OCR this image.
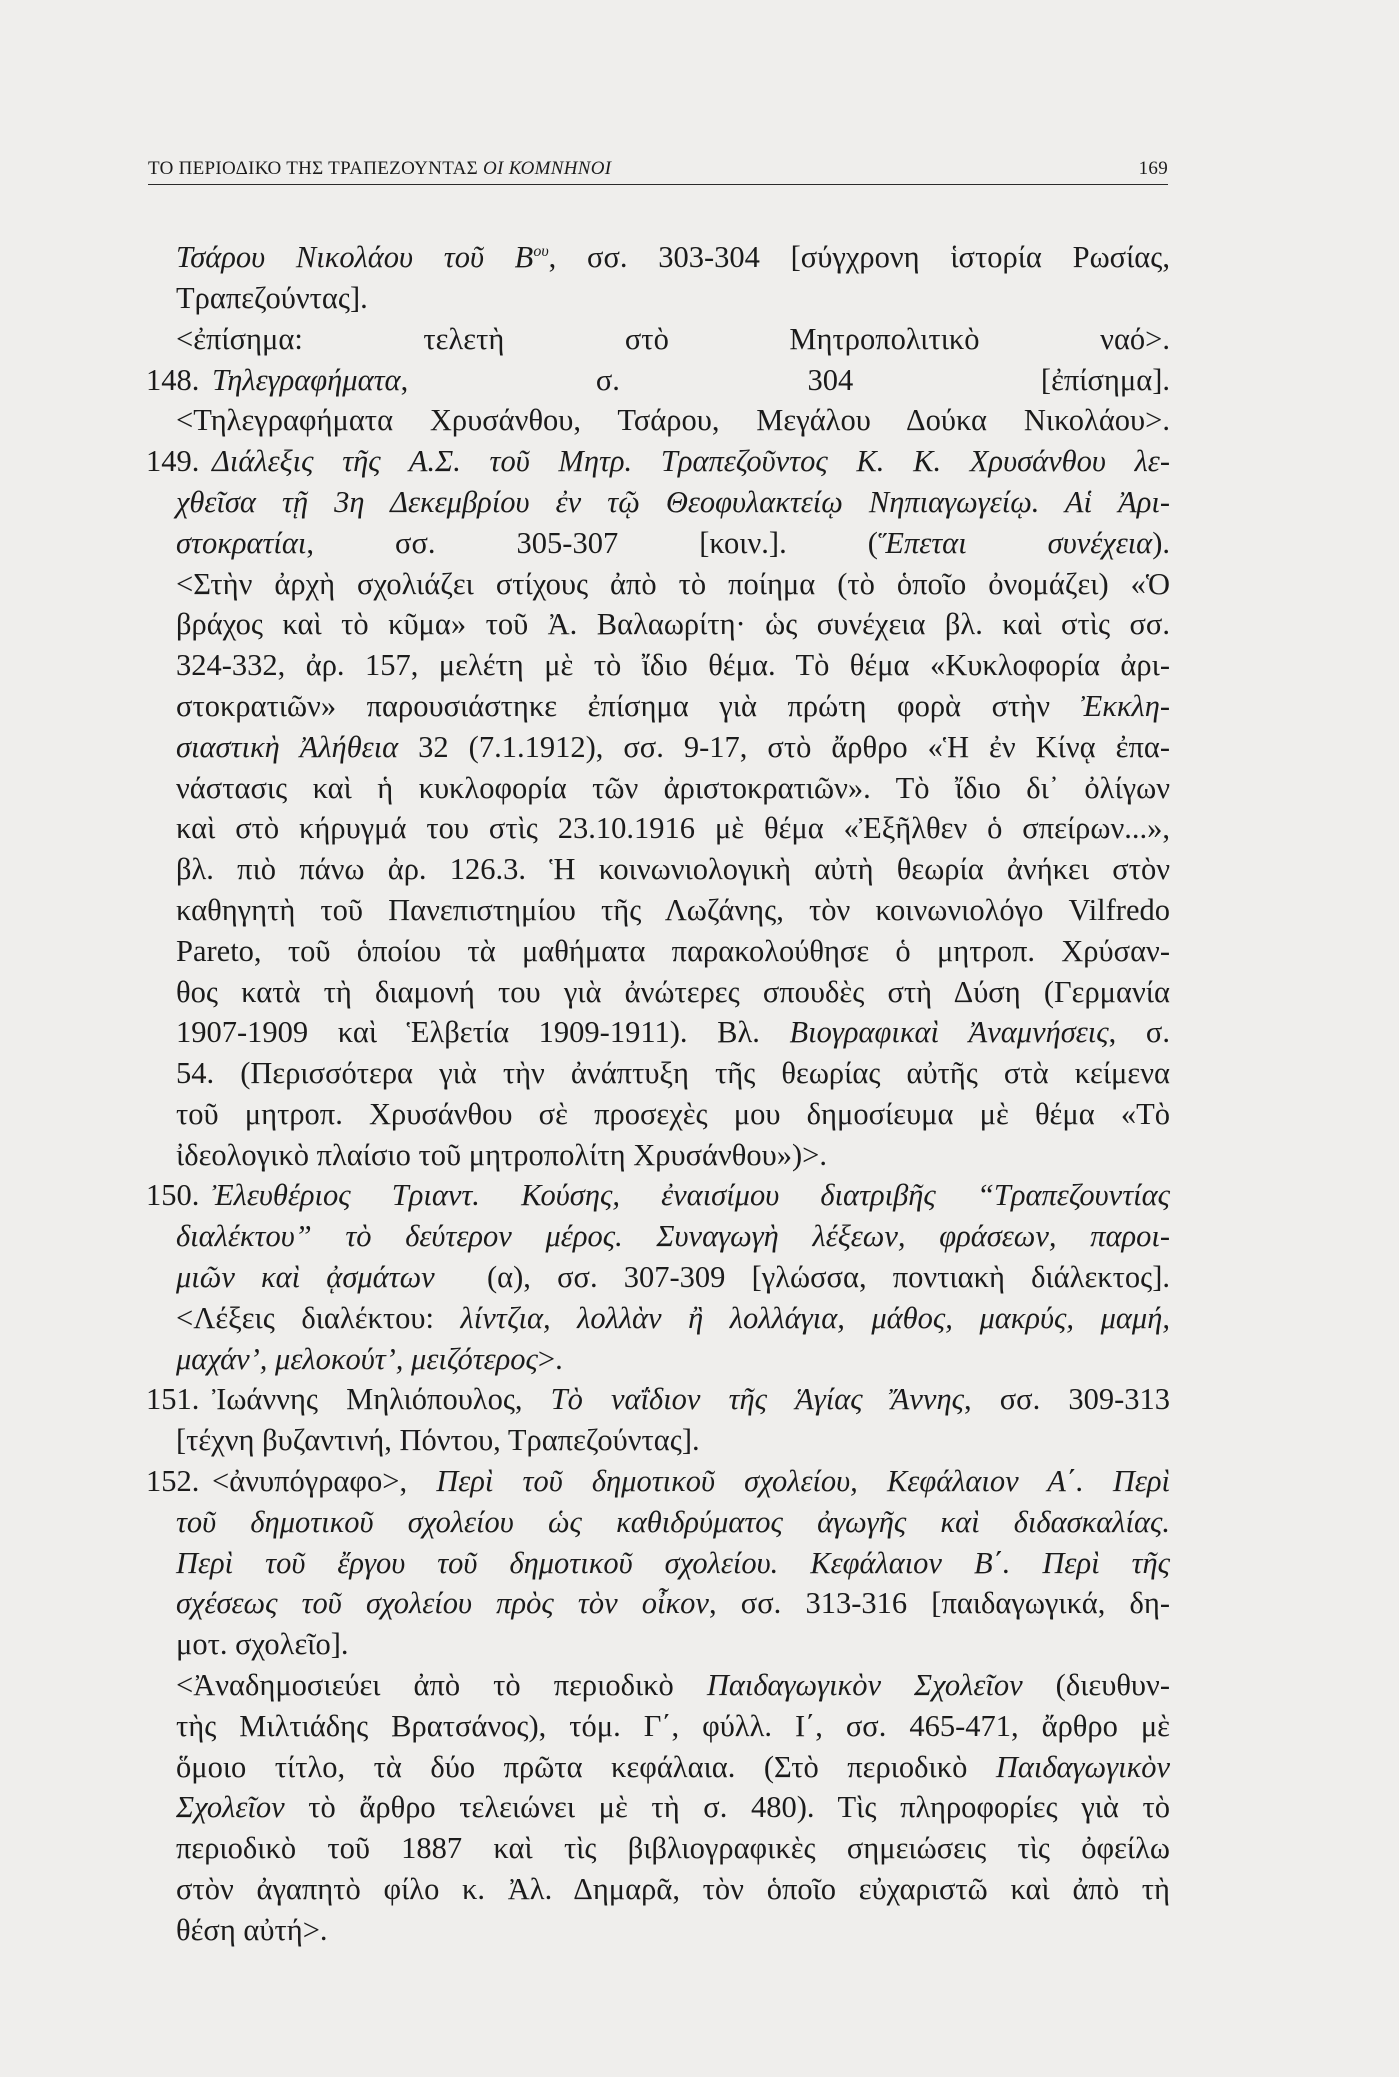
ΤΟ ΠΕΡΙΟΔΙΚΟ ΤΗΣ ΤΡΑΠΕΖΟΥΝΤΑΣ ΟΙ ΚΟΜΝΗΝΟΙ	169
Τσάρου Νικολάου τοῦ $B^{o\upsilon}$, σσ. 303-304 [σύγχρονη ἱστορία Ρωσίας,
Τραπεζούντας].
<ἐπίσημα: τελετὴ στὸ Μητροπολιτικὸ ναό>.
148. Τηλεγραφήματα, σ. 304 [ἐπίσημα].
<Τηλεγραφήματα Χρυσάνθου, Τσάρου, Μεγάλου Δούκα Νικολάου>.
149. Διάλεξις τῆς Α.Σ. τοῦ Μητρ. Τραπεζοῦντος Κ. Κ. Χρυσάνθου λε-
χθεῖσα τῇ 3η Δεκεμβρίου ἐν τῷ Θεοφυλακτείῳ Νηπιαγωγείῳ. Αἱ Ἀρι-
στοκρατίαι, σσ. 305-307 [κοιν.]. (Ἕπεται συνέχεια).
<Στὴν ἀρχὴ σχολιάζει στίχους ἀπὸ τὸ ποίημα (τὸ ὁποῖο ὀνομάζει) «Ὁ
βράχος καὶ τὸ κῦμα» τοῦ Ἀ. Βαλαωρίτη· ὡς συνέχεια βλ. καὶ στὶς σσ.
324-332, ἀρ. 157, μελέτη μὲ τὸ ἴδιο θέμα. Τὸ θέμα «Κυκλοφορία ἀρι-
στοκρατιῶν» παρουσιάστηκε ἐπίσημα γιὰ πρώτη φορὰ στὴν Ἐκκλη-
σιαστικὴ Ἀλήθεια 32 (7.1.1912), σσ. 9-17, στὸ ἄρθρο «Ἡ ἐν Κίνᾳ ἐπα-
νάστασις καὶ ἡ κυκλοφορία τῶν ἀριστοκρατιῶν». Τὸ ἴδιο δι᾽ ὀλίγων
καὶ στὸ κήρυγμά του στὶς 23.10.1916 μὲ θέμα «Ἐξῆλθεν ὁ σπείρων...»,
βλ. πιὸ πάνω ἀρ. 126.3. Ἡ κοινωνιολογικὴ αὐτὴ θεωρία ἀνήκει στὸν
καθηγητὴ τοῦ Πανεπιστημίου τῆς Λωζάνης, τὸν κοινωνιολόγο Vilfredo
Pareto, τοῦ ὁποίου τὰ μαθήματα παρακολούθησε ὁ μητροπ. Χρύσαν-
θος κατὰ τὴ διαμονή του γιὰ ἀνώτερες σπουδὲς στὴ Δύση (Γερμανία
1907-1909 καὶ Ἑλβετία 1909-1911). Βλ. Βιογραφικαὶ Ἀναμνήσεις, σ.
54. (Περισσότερα γιὰ τὴν ἀνάπτυξη τῆς θεωρίας αὐτῆς στὰ κείμενα
τοῦ μητροπ. Χρυσάνθου σὲ προσεχὲς μου δημοσίευμα μὲ θέμα «Τὸ
ἰδεολογικὸ πλαίσιο τοῦ μητροπολίτη Χρυσάνθου»)>.
150. Ἐλευθέριος Τριαντ. Κούσης, ἐναισίμου διατριβῆς “Τραπεζουντίας
διαλέκτου” τὸ δεύτερον μέρος. Συναγωγὴ λέξεων, φράσεων, παροι-
μιῶν καὶ ᾀσμάτων  (α), σσ. 307-309 [γλώσσα, ποντιακὴ διάλεκτος].
<Λέξεις διαλέκτου: λίντζια, λολλὰν ἢ λολλάγια, μάθος, μακρύς, μαμή,
μαχάν’, μελοκούτ’, μειζότερος>.
151. Ἰωάννης Μηλιόπουλος, Τὸ ναΐδιον τῆς Ἁγίας Ἄννης, σσ. 309-313
[τέχνη βυζαντινή, Πόντου, Τραπεζούντας].
152. <ἀνυπόγραφο>, Περὶ τοῦ δημοτικοῦ σχολείου, Κεφάλαιον Α΄. Περὶ
τοῦ δημοτικοῦ σχολείου ὡς καθιδρύματος ἀγωγῆς καὶ διδασκαλίας.
Περὶ τοῦ ἔργου τοῦ δημοτικοῦ σχολείου. Κεφάλαιον Β΄. Περὶ τῆς
σχέσεως τοῦ σχολείου πρὸς τὸν οἶκον, σσ. 313-316 [παιδαγωγικά, δη-
μοτ. σχολεῖο].
<Ἀναδημοσιεύει ἀπὸ τὸ περιοδικὸ Παιδαγωγικὸν Σχολεῖον (διευθυν-
τὴς Μιλτιάδης Βρατσάνος), τόμ. Γ΄, φύλλ. Ι΄, σσ. 465-471, ἄρθρο μὲ
ὅμοιο τίτλο, τὰ δύο πρῶτα κεφάλαια. (Στὸ περιοδικὸ Παιδαγωγικὸν
Σχολεῖον τὸ ἄρθρο τελειώνει μὲ τὴ σ. 480). Τὶς πληροφορίες γιὰ τὸ
περιοδικὸ τοῦ 1887 καὶ τὶς βιβλιογραφικὲς σημειώσεις τὶς ὀφείλω
στὸν ἀγαπητὸ φίλο κ. Ἀλ. Δημαρᾶ, τὸν ὁποῖο εὐχαριστῶ καὶ ἀπὸ τὴ
θέση αὐτή>.
